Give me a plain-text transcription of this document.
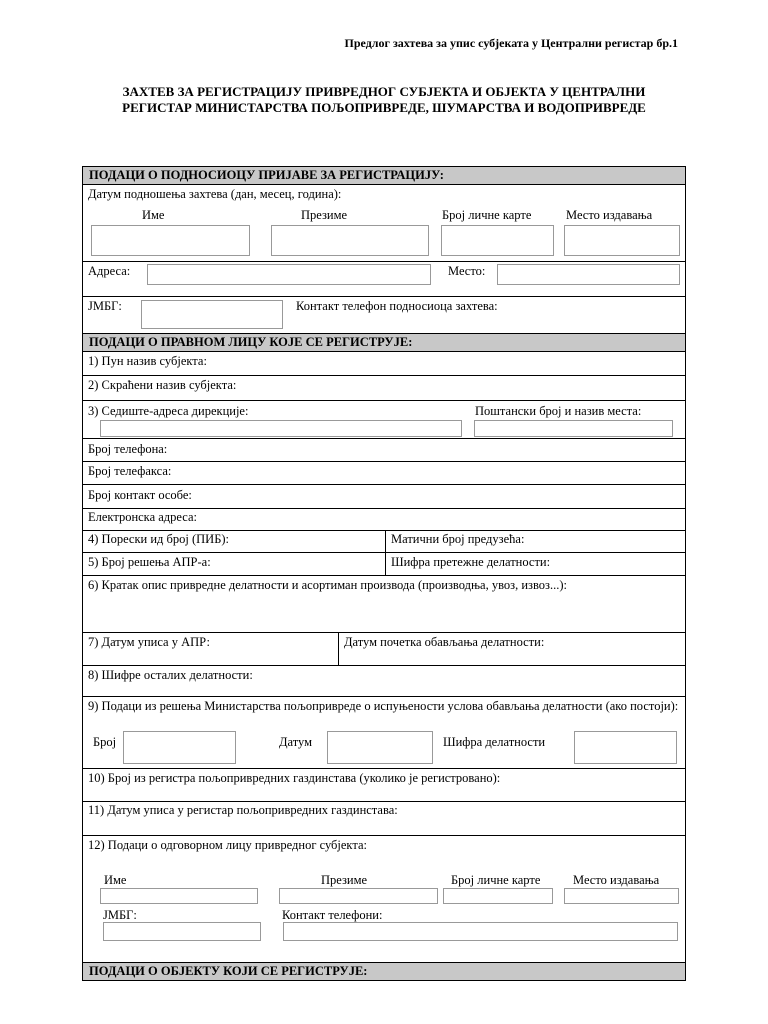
Предлог захтева за упис субјеката у Централни регистар бр.1
ЗАХТЕВ ЗА РЕГИСТРАЦИЈУ ПРИВРЕДНОГ СУБЈЕКТА И ОБЈЕКТА У ЦЕНТРАЛНИ
РЕГИСТАР МИНИСТАРСТВА ПОЉОПРИВРЕДЕ, ШУМАРСТВА И ВОДОПРИВРЕДЕ
ПОДАЦИ О ПОДНОСИОЦУ ПРИЈАВЕ ЗА РЕГИСТРАЦИЈУ:
Датум подношења захтева (дан, месец, година):
Име	Презиме	Број личне карте	Место издавања
Адреса:	Место:
ЈМБГ:	Контакт телефон подносиоца захтева:
ПОДАЦИ О ПРАВНОМ ЛИЦУ КОЈЕ СЕ РЕГИСТРУЈЕ:
1) Пун назив субјекта:
2) Скраћени назив субјекта:
3) Седиште-адреса дирекције:	Поштански број и назив места:
Број телефона:
Број телефакса:
Број контакт особе:
Електронска адреса:
4) Порески ид број (ПИБ):	Матични број предузећа:
5) Број решења АПР-а:	Шифра претежне делатности:
6) Кратак опис привредне делатности и асортиман производа (производња, увоз, извоз...):
7) Датум уписа у АПР:	Датум почетка обављања делатности:
8) Шифре осталих делатности:
9) Подаци из решења Министарства пољопривреде о испуњености услова обављања делатности (ако постоји):
Број	Датум	Шифра делатности
10) Број из регистра пољопривредних газдинстава (уколико је регистровано):
11) Датум уписа у регистар пољопривредних газдинстава:
12) Подаци о одговорном лицу привредног субјекта:
Име	Презиме	Број личне карте	Место издавања
ЈМБГ:	Контакт телефони:
ПОДАЦИ О ОБЈЕКТУ КОЈИ СЕ РЕГИСТРУЈЕ:
